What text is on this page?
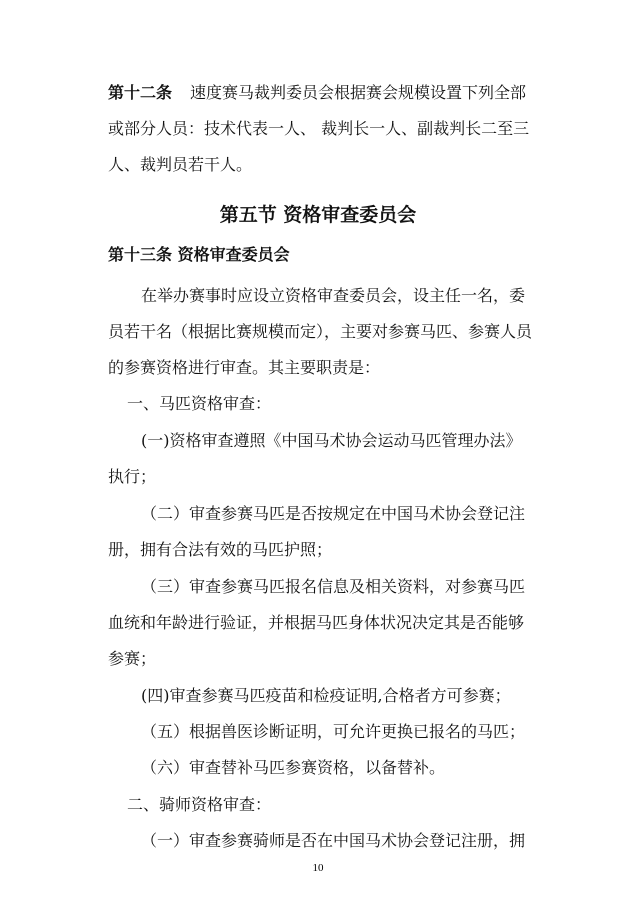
第十二条 速度赛马裁判委员会根据赛会规模设置下列全部
或部分人员：技术代表一人、 裁判长一人、副裁判长二至三
人、裁判员若干人。
第五节 资格审查委员会
第十三条 资格审查委员会
在举办赛事时应设立资格审查委员会，设主任一名，委
员若干名（根据比赛规模而定），主要对参赛马匹、参赛人员
的参赛资格进行审查。其主要职责是：
一、马匹资格审查：
(一)资格审查遵照《中国马术协会运动马匹管理办法》
执行；
（二）审查参赛马匹是否按规定在中国马术协会登记注
册，拥有合法有效的马匹护照；
（三）审查参赛马匹报名信息及相关资料，对参赛马匹
血统和年龄进行验证，并根据马匹身体状况决定其是否能够
参赛；
(四)审查参赛马匹疫苗和检疫证明,合格者方可参赛；
（五）根据兽医诊断证明，可允许更换已报名的马匹；
（六）审查替补马匹参赛资格，以备替补。
二、骑师资格审查：
（一）审查参赛骑师是否在中国马术协会登记注册，拥
10
